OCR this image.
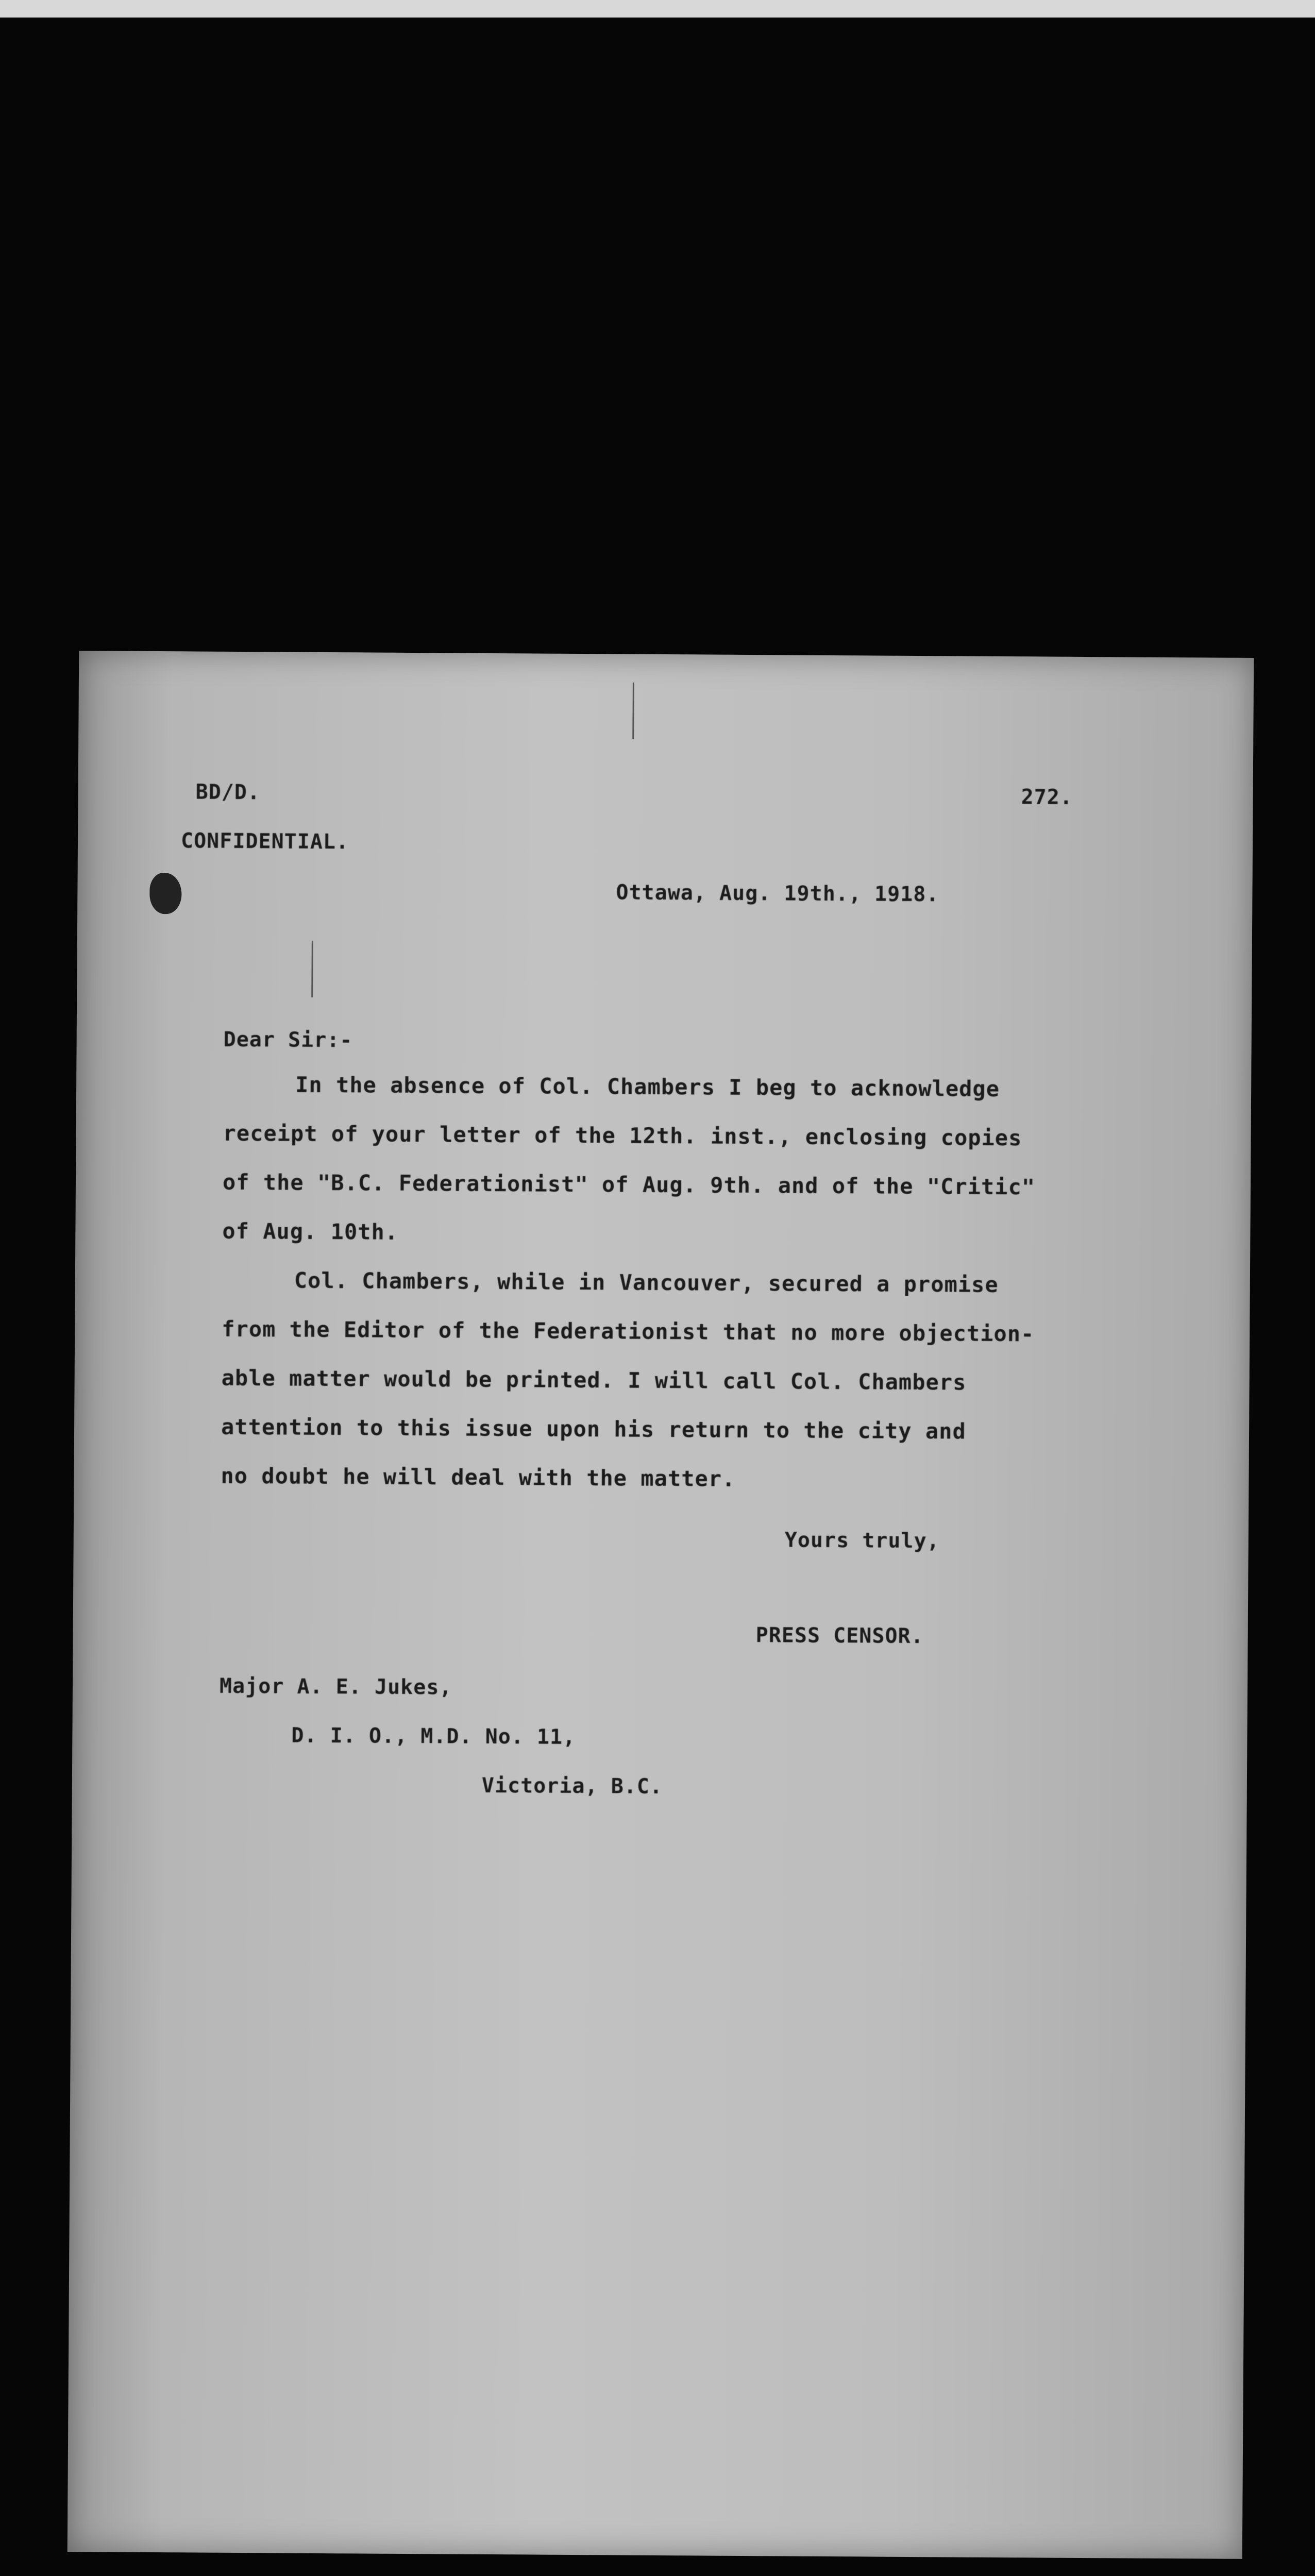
BD/D.	272.
CONFIDENTIAL.
Ottawa, Aug. 19th., 1918.
Dear Sir:-
In the absence of Col. Chambers I beg to acknowledge
receipt of your letter of the 12th. inst., enclosing copies
of the "B.C. Federationist" of Aug. 9th. and of the "Critic"
of Aug. 10th.
Col. Chambers, while in Vancouver, secured a promise
from the Editor of the Federationist that no more objection-
able matter would be printed. I will call Col. Chambers
attention to this issue upon his return to the city and
no doubt he will deal with the matter.
Yours truly,
PRESS CENSOR.
Major A. E. Jukes,
D. I. O., M.D. No. 11,
Victoria, B.C.
